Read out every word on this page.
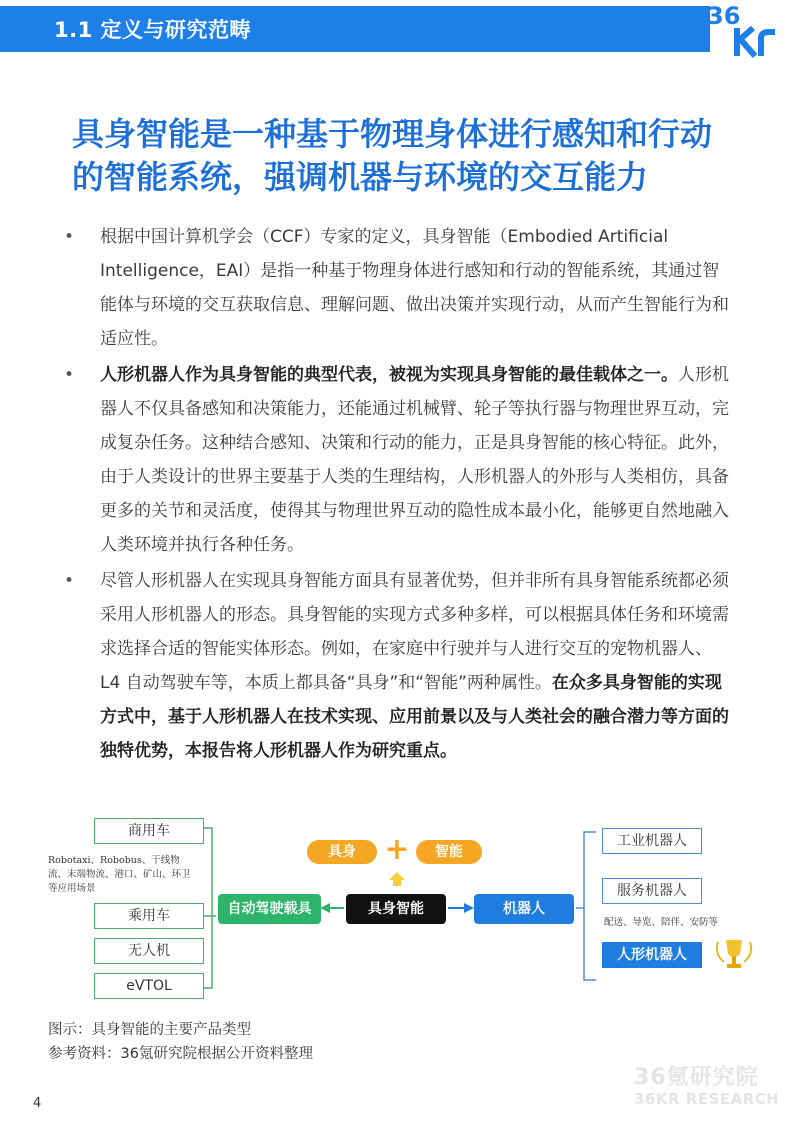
1.1 定义与研究范畴	36
具身智能是一种基于物理身体进行感知和行动
的智能系统，强调机器与环境的交互能力
• 根据中国计算机学会（CCF）专家的定义，具身智能（Embodied Artificial Intelligence，EAI）是指一种基于物理身体进行感知和行动的智能系统，其通过智能体与环境的交互获取信息、理解问题、做出决策并实现行动，从而产生智能行为和适应性。
• 人形机器人作为具身智能的典型代表，被视为实现具身智能的最佳载体之一。人形机器人不仅具备感知和决策能力，还能通过机械臂、轮子等执行器与物理世界互动，完成复杂任务。这种结合感知、决策和行动的能力，正是具身智能的核心特征。此外，由于人类设计的世界主要基于人类的生理结构，人形机器人的外形与人类相仿，具备更多的关节和灵活度，使得其与物理世界互动的隐性成本最小化，能够更自然地融入人类环境并执行各种任务。
• 尽管人形机器人在实现具身智能方面具有显著优势，但并非所有具身智能系统都必须采用人形机器人的形态。具身智能的实现方式多种多样，可以根据具体任务和环境需求选择合适的智能实体形态。例如，在家庭中行驶并与人进行交互的宠物机器人、L4 自动驾驶车等，本质上都具备“具身”和“智能”两种属性。在众多具身智能的实现方式中，基于人形机器人在技术实现、应用前景以及与人类社会的融合潜力等方面的独特优势，本报告将人形机器人作为研究重点。
商用车
Robotaxi、Robobus、干线物流、末端物流、港口、矿山、环卫等应用场景
乘用车
无人机
eVTOL
具身 +	智能
自动驾驶载具	具身智能	机器人
工业机器人
服务机器人
配送、导览、陪伴、安防等
人形机器人
图示：具身智能的主要产品类型
参考资料：36氪研究院根据公开资料整理
36氪研究院
36KR RESEARCH
4
